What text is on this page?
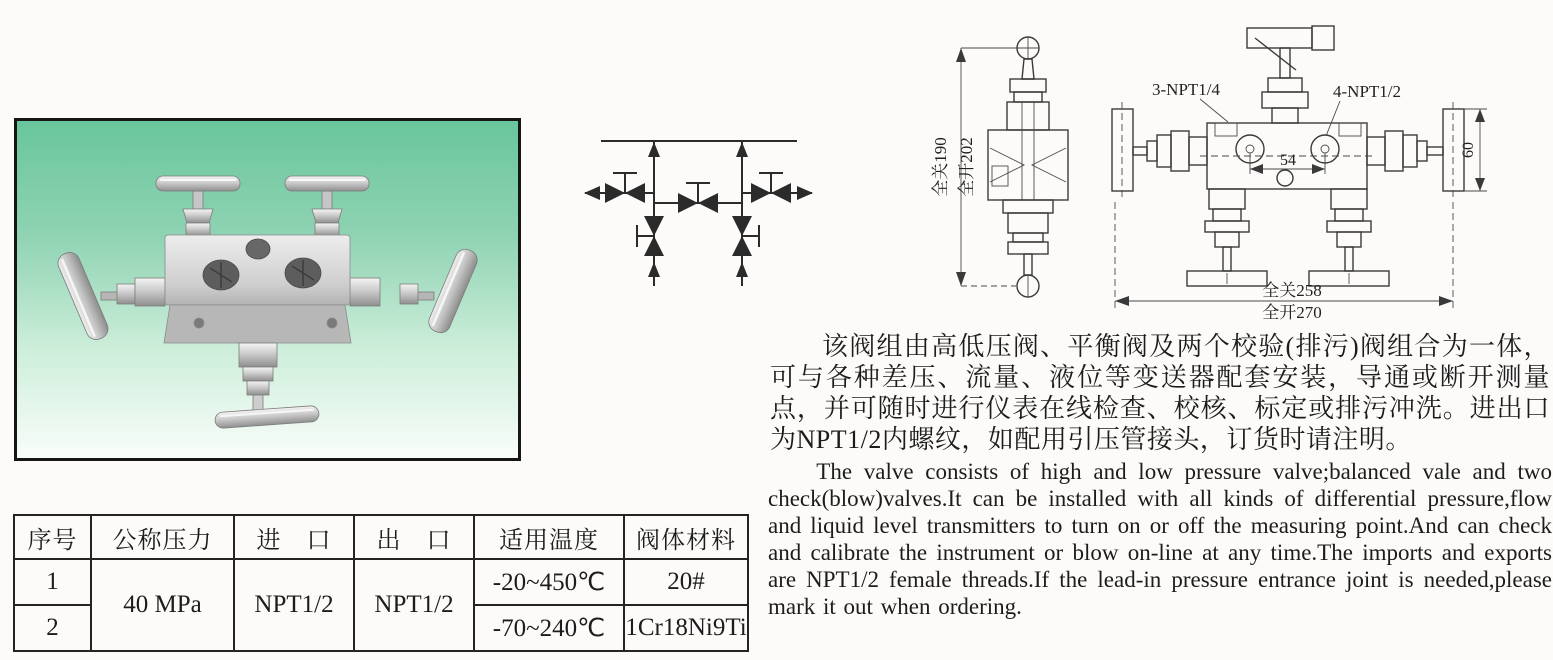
全关190 全开202	54
60
全关258
全开270
3-NPT1/4	4-NPT1/2

该阀组由高低压阀、平衡阀及两个校验(排污)阀组合为一体，可与各种差压、流量、液位等变送器配套安装，导通或断开测量点，并可随时进行仪表在线检查、校核、标定或排污冲洗。进出口为NPT1/2内螺纹，如配用引压管接头，订货时请注明。

The valve consists of high and low pressure valve;balanced vale and two check(blow)valves.It can be installed with all kinds of differential pressure,flow and liquid level transmitters to turn on or off the measuring point.And can check and calibrate the instrument or blow on-line at any time.The imports and exports are NPT1/2 female threads.If the lead-in pressure entrance joint is needed,please mark it out when ordering.

序号	公称压力	进　口	出　口	适用温度	阀体材料
1	40 MPa	NPT1/2	NPT1/2	-20~450℃	20#
2				-70~240℃	1Cr18Ni9Ti
